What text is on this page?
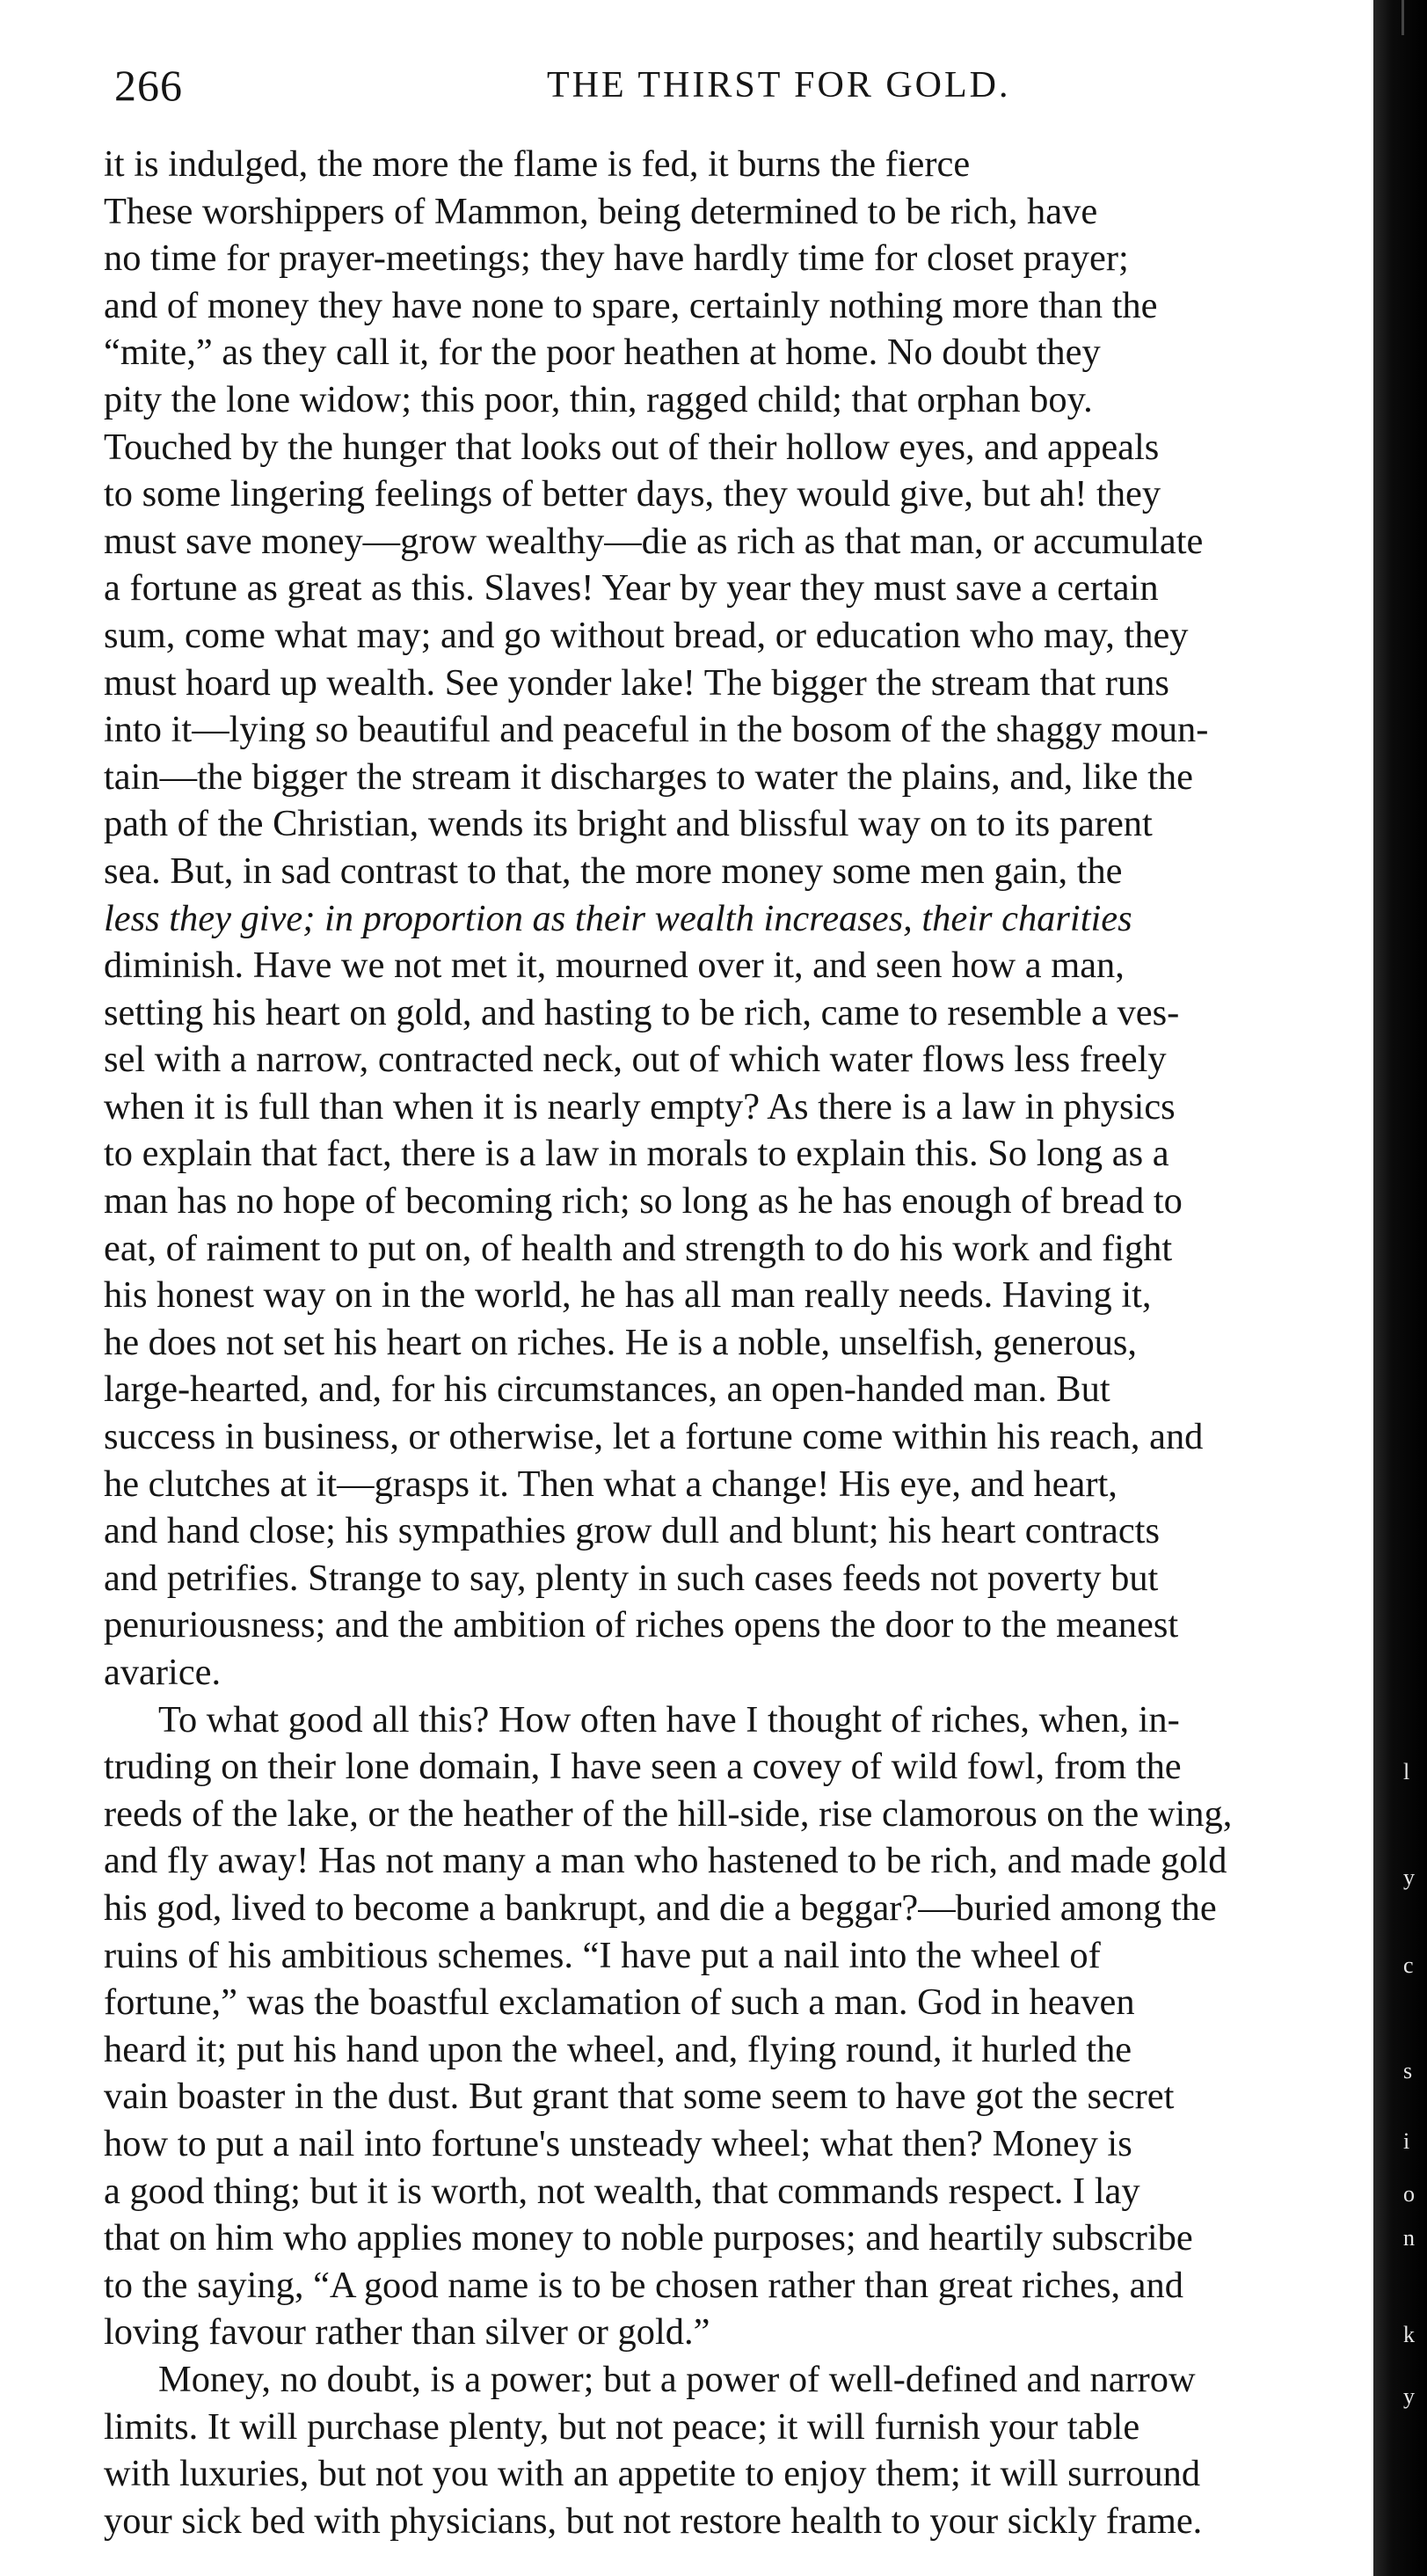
266	THE THIRST FOR GOLD.
it is indulged, the more the flame is fed, it burns the fierce
These worshippers of Mammon, being determined to be rich, have
no time for prayer-meetings; they have hardly time for closet prayer;
and of money they have none to spare, certainly nothing more than the
“mite,” as they call it, for the poor heathen at home. No doubt they
pity the lone widow; this poor, thin, ragged child; that orphan boy.
Touched by the hunger that looks out of their hollow eyes, and appeals
to some lingering feelings of better days, they would give, but ah! they
must save money—grow wealthy—die as rich as that man, or accumulate
a fortune as great as this. Slaves! Year by year they must save a certain
sum, come what may; and go without bread, or education who may, they
must hoard up wealth. See yonder lake! The bigger the stream that runs
into it—lying so beautiful and peaceful in the bosom of the shaggy moun-
tain—the bigger the stream it discharges to water the plains, and, like the
path of the Christian, wends its bright and blissful way on to its parent
sea. But, in sad contrast to that, the more money some men gain, the
less they give; in proportion as their wealth increases, their charities
diminish. Have we not met it, mourned over it, and seen how a man,
setting his heart on gold, and hasting to be rich, came to resemble a ves-
sel with a narrow, contracted neck, out of which water flows less freely
when it is full than when it is nearly empty? As there is a law in physics
to explain that fact, there is a law in morals to explain this. So long as a
man has no hope of becoming rich; so long as he has enough of bread to
eat, of raiment to put on, of health and strength to do his work and fight
his honest way on in the world, he has all man really needs. Having it,
he does not set his heart on riches. He is a noble, unselfish, generous,
large-hearted, and, for his circumstances, an open-handed man. But
success in business, or otherwise, let a fortune come within his reach, and
he clutches at it—grasps it. Then what a change! His eye, and heart,
and hand close; his sympathies grow dull and blunt; his heart contracts
and petrifies. Strange to say, plenty in such cases feeds not poverty but
penuriousness; and the ambition of riches opens the door to the meanest
avarice.
To what good all this? How often have I thought of riches, when, in-
truding on their lone domain, I have seen a covey of wild fowl, from the
reeds of the lake, or the heather of the hill-side, rise clamorous on the wing,
and fly away! Has not many a man who hastened to be rich, and made gold
his god, lived to become a bankrupt, and die a beggar?—buried among the
ruins of his ambitious schemes. “I have put a nail into the wheel of
fortune,” was the boastful exclamation of such a man. God in heaven
heard it; put his hand upon the wheel, and, flying round, it hurled the
vain boaster in the dust. But grant that some seem to have got the secret
how to put a nail into fortune's unsteady wheel; what then? Money is
a good thing; but it is worth, not wealth, that commands respect. I lay
that on him who applies money to noble purposes; and heartily subscribe
to the saying, “A good name is to be chosen rather than great riches, and
loving favour rather than silver or gold.”
Money, no doubt, is a power; but a power of well-defined and narrow
limits. It will purchase plenty, but not peace; it will furnish your table
with luxuries, but not you with an appetite to enjoy them; it will surround
your sick bed with physicians, but not restore health to your sickly frame.
l
y
c
s
i
o
n
k
y
